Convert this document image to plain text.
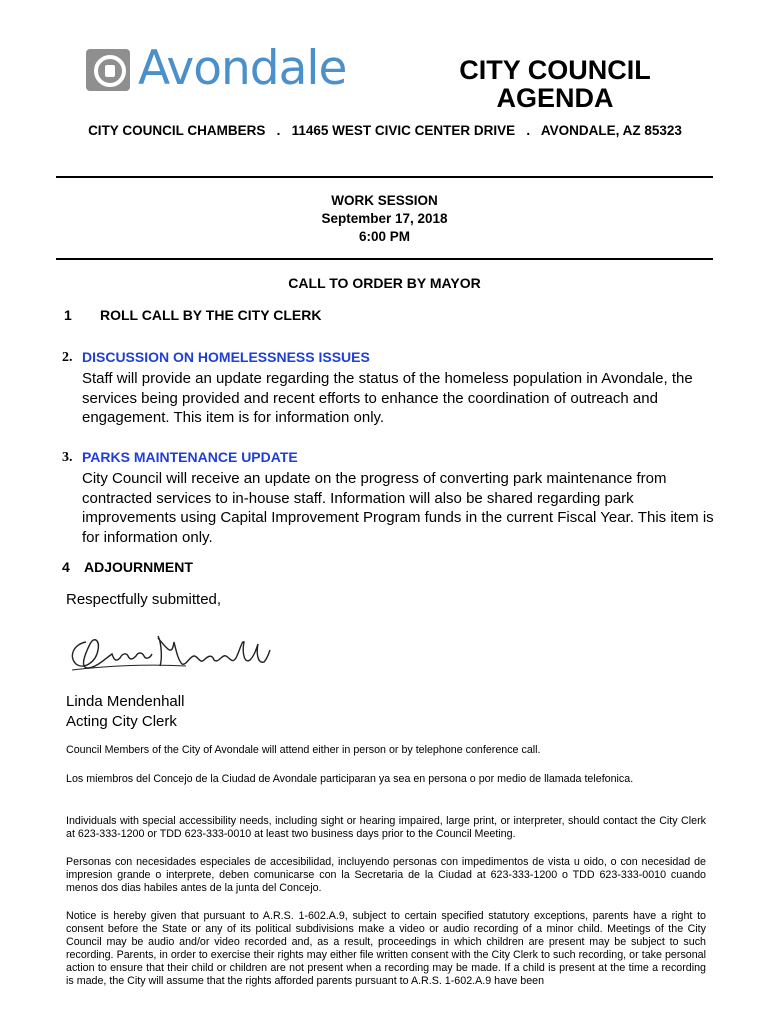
Avondale	CITY COUNCIL
AGENDA
CITY COUNCIL CHAMBERS   .   11465 WEST CIVIC CENTER DRIVE   .   AVONDALE, AZ 85323
WORK SESSION
September 17, 2018
6:00 PM
CALL TO ORDER BY MAYOR
1 ROLL CALL BY THE CITY CLERK
2. DISCUSSION ON HOMELESSNESS ISSUES
Staff will provide an update regarding the status of the homeless population in Avondale, the services being provided and recent efforts to enhance the coordination of outreach and engagement. This item is for information only.
3. PARKS MAINTENANCE UPDATE
City Council will receive an update on the progress of converting park maintenance from contracted services to in-house staff. Information will also be shared regarding park improvements using Capital Improvement Program funds in the current Fiscal Year. This item is for information only.
4 ADJOURNMENT
Respectfully submitted,
Linda Mendenhall
Acting City Clerk
Council Members of the City of Avondale will attend either in person or by telephone conference call.
Los miembros del Concejo de la Ciudad de Avondale participaran ya sea en persona o por medio de llamada telefonica.
Individuals with special accessibility needs, including sight or hearing impaired, large print, or interpreter, should contact the City Clerk at 623-333-1200 or TDD 623-333-0010 at least two business days prior to the Council Meeting.
Personas con necesidades especiales de accesibilidad, incluyendo personas con impedimentos de vista u oido, o con necesidad de impresion grande o interprete, deben comunicarse con la Secretaria de la Ciudad at 623-333-1200 o TDD 623-333-0010 cuando menos dos dias habiles antes de la junta del Concejo.
Notice is hereby given that pursuant to A.R.S. 1-602.A.9, subject to certain specified statutory exceptions, parents have a right to consent before the State or any of its political subdivisions make a video or audio recording of a minor child. Meetings of the City Council may be audio and/or video recorded and, as a result, proceedings in which children are present may be subject to such recording. Parents, in order to exercise their rights may either file written consent with the City Clerk to such recording, or take personal action to ensure that their child or children are not present when a recording may be made. If a child is present at the time a recording is made, the City will assume that the rights afforded parents pursuant to A.R.S. 1-602.A.9 have been
